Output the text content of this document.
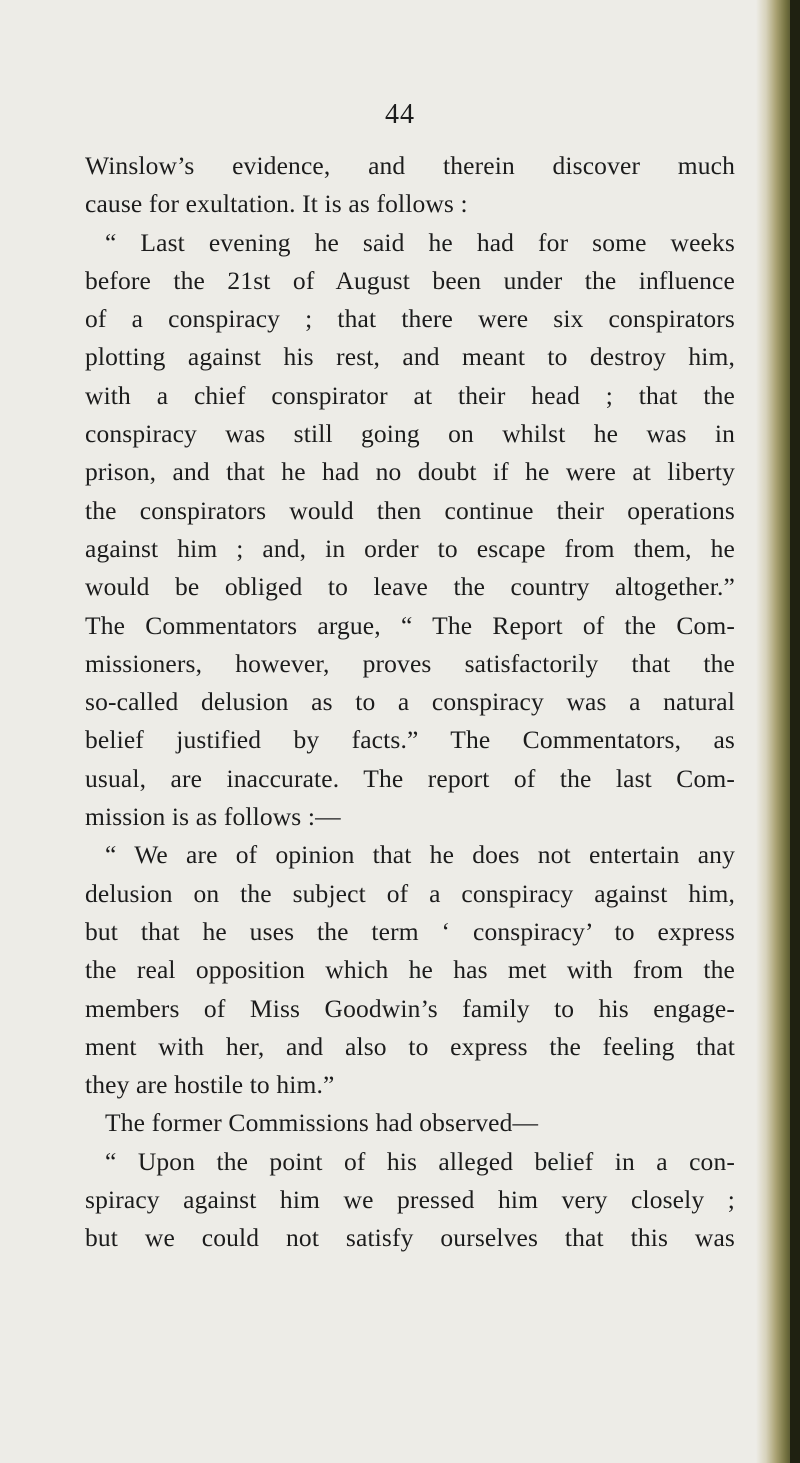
44
Winslow’s evidence, and therein discover much
cause for exultation. It is as follows :
“ Last evening he said he had for some weeks
before the 21st of August been under the influence
of a conspiracy ; that there were six conspirators
plotting against his rest, and meant to destroy him,
with a chief conspirator at their head ; that the
conspiracy was still going on whilst he was in
prison, and that he had no doubt if he were at liberty
the conspirators would then continue their operations
against him ; and, in order to escape from them, he
would be obliged to leave the country altogether.”
The Commentators argue, “ The Report of the Com-
missioners, however, proves satisfactorily that the
so-called delusion as to a conspiracy was a natural
belief justified by facts.” The Commentators, as
usual, are inaccurate. The report of the last Com-
mission is as follows :—
“ We are of opinion that he does not entertain any
delusion on the subject of a conspiracy against him,
but that he uses the term ‘ conspiracy’ to express
the real opposition which he has met with from the
members of Miss Goodwin’s family to his engage-
ment with her, and also to express the feeling that
they are hostile to him.”
The former Commissions had observed—
“ Upon the point of his alleged belief in a con-
spiracy against him we pressed him very closely ;
but we could not satisfy ourselves that this was
